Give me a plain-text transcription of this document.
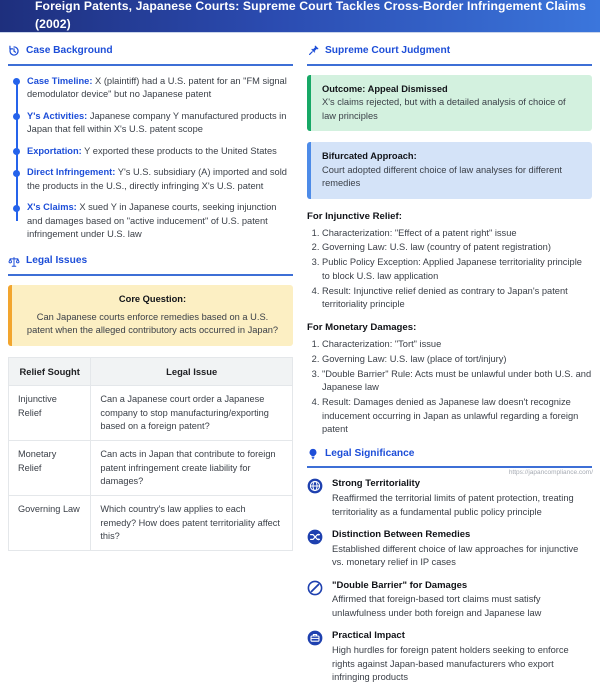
Foreign Patents, Japanese Courts: Supreme Court Tackles Cross-Border Infringement Claims (2002)
Case Background
Case Timeline: X (plaintiff) had a U.S. patent for an "FM signal demodulator device" but no Japanese patent
Y's Activities: Japanese company Y manufactured products in Japan that fell within X's U.S. patent scope
Exportation: Y exported these products to the United States
Direct Infringement: Y's U.S. subsidiary (A) imported and sold the products in the U.S., directly infringing X's U.S. patent
X's Claims: X sued Y in Japanese courts, seeking injunction and damages based on "active inducement" of U.S. patent infringement under U.S. law
Legal Issues
Core Question:
Can Japanese courts enforce remedies based on a U.S. patent when the alleged contributory acts occurred in Japan?
Relief Sought	Legal Issue
Injunctive Relief	Can a Japanese court order a Japanese company to stop manufacturing/exporting based on a foreign patent?
Monetary Relief	Can acts in Japan that contribute to foreign patent infringement create liability for damages?
Governing Law	Which country's law applies to each remedy? How does patent territoriality affect this?
Supreme Court Judgment
Outcome: Appeal Dismissed
X's claims rejected, but with a detailed analysis of choice of law principles
Bifurcated Approach:
Court adopted different choice of law analyses for different remedies
For Injunctive Relief:
1. Characterization: "Effect of a patent right" issue
2. Governing Law: U.S. law (country of patent registration)
3. Public Policy Exception: Applied Japanese territoriality principle to block U.S. law application
4. Result: Injunctive relief denied as contrary to Japan's patent territoriality principle
For Monetary Damages:
1. Characterization: "Tort" issue
2. Governing Law: U.S. law (place of tort/injury)
3. "Double Barrier" Rule: Acts must be unlawful under both U.S. and Japanese law
4. Result: Damages denied as Japanese law doesn't recognize inducement occurring in Japan as unlawful regarding a foreign patent
Legal Significance
Strong Territoriality
Reaffirmed the territorial limits of patent protection, treating territoriality as a fundamental public policy principle
Distinction Between Remedies
Established different choice of law approaches for injunctive vs. monetary relief in IP cases
"Double Barrier" for Damages
Affirmed that foreign-based tort claims must satisfy unlawfulness under both foreign and Japanese law
Practical Impact
High hurdles for foreign patent holders seeking to enforce rights against Japan-based manufacturers who export infringing products
https://japancompliance.com/
